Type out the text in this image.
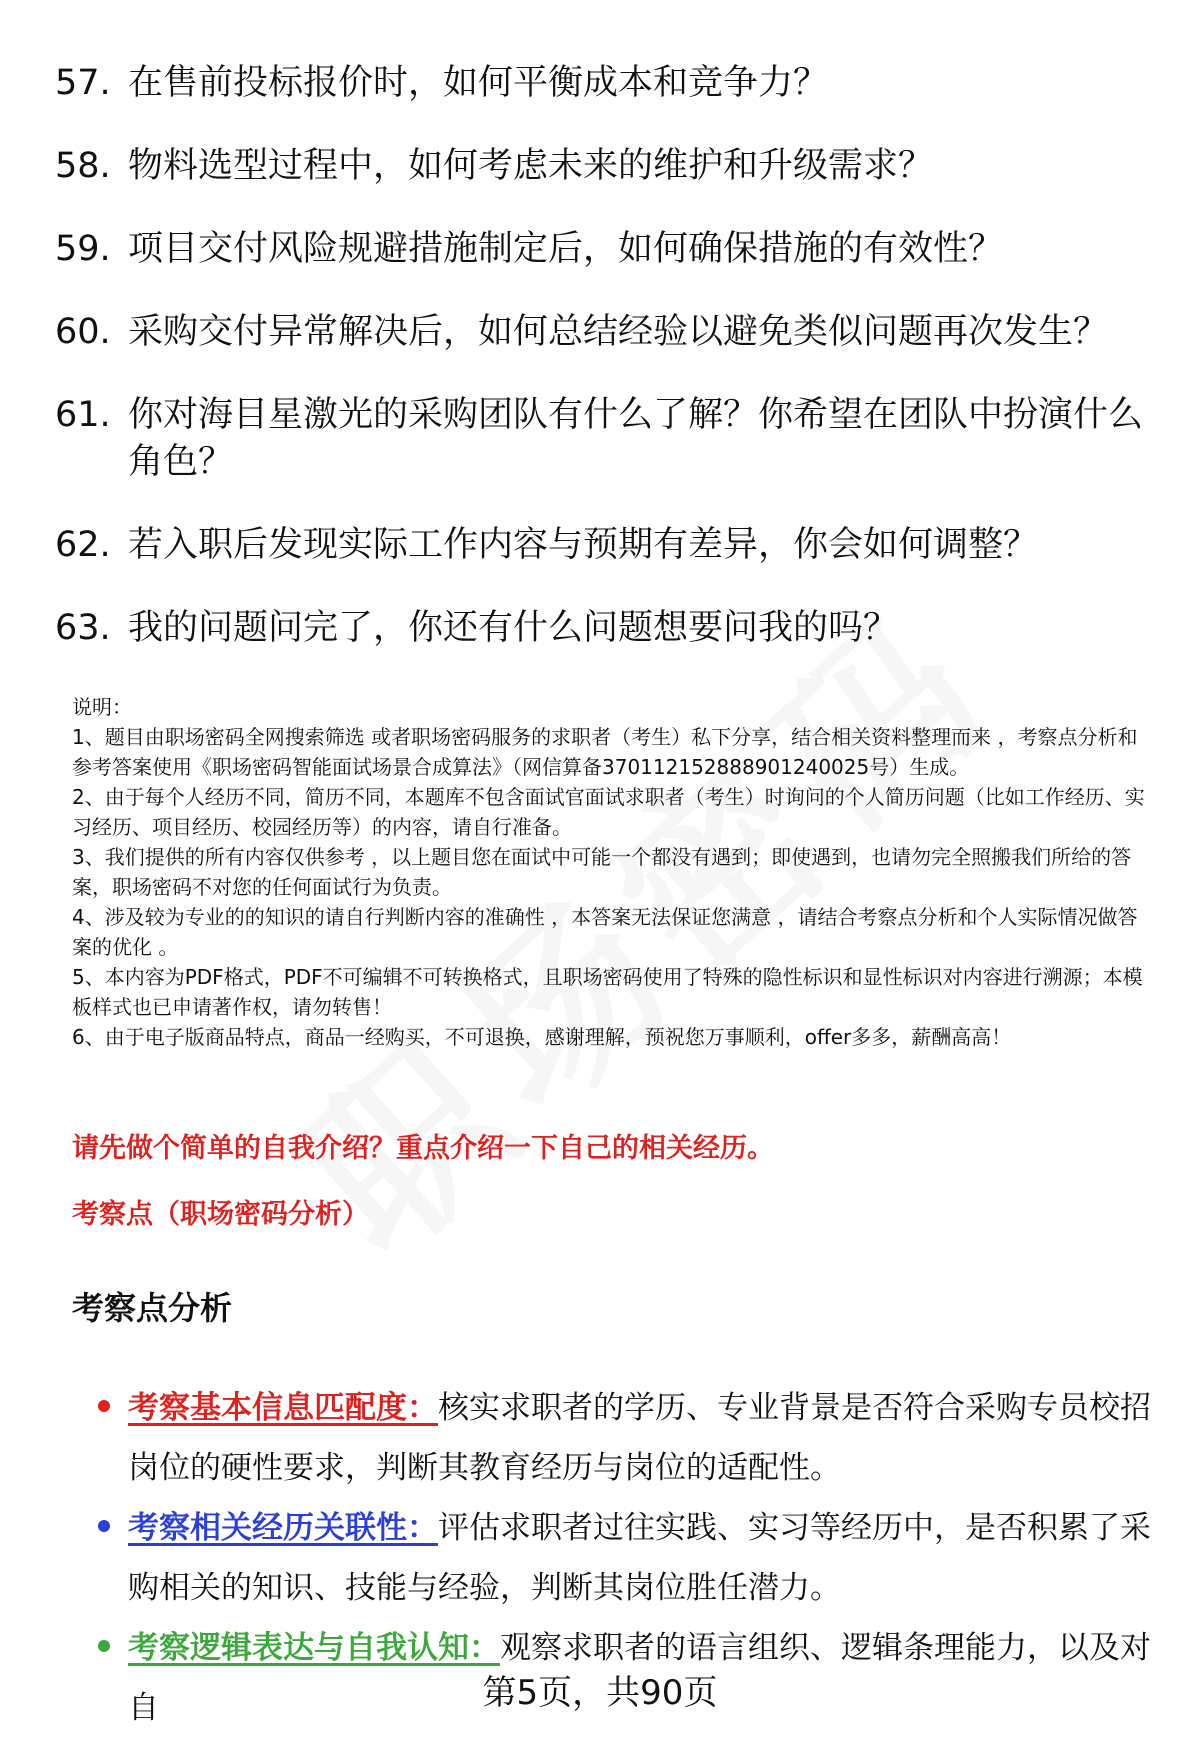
57. 在售前投标报价时，如何平衡成本和竞争力？
58. 物料选型过程中，如何考虑未来的维护和升级需求？
59. 项目交付风险规避措施制定后，如何确保措施的有效性？
60. 采购交付异常解决后，如何总结经验以避免类似问题再次发生？
61. 你对海目星激光的采购团队有什么了解？你希望在团队中扮演什么角色？
62. 若入职后发现实际工作内容与预期有差异，你会如何调整？
63. 我的问题问完了，你还有什么问题想要问我的吗？

说明：

1、题目由职场密码全网搜索筛选 或者职场密码服务的求职者（考生）私下分享，结合相关资料整理而来 ，考察点分析和参考答案使用《职场密码智能面试场景合成算法》（网信算备3701121528889012400​25号）生成。

2、由于每个人经历不同，简历不同，本题库不包含面试官面试求职者（考生）时询问的个人简历问题（比如工作经历、实习经历、项目经历、校园经历等）的内容，请自行准备。

3、我们提供的所有内容仅供参考 ，以上题目您在面试中可能一个都没有遇到；即使遇到，也请勿完全照搬我们所给的答案，职场密码不对您的任何面试行为负责。

4、涉及较为专业的的知识的请自行判断内容的准确性 ，本答案无法保证您满意 ，请结合考察点分析和个人实际情况做答案的优化 。

5、本内容为PDF格式，PDF不可编辑不可转换格式，且职场密码使用了特殊的隐性标识和显性标识对内容进行溯源；本模板样式也已申请著作权，请勿转售！

6、由于电子版商品特点，商品一经购买，不可退换，感谢理解，预祝您万事顺利，offer多多，薪酬高高！

请先做个简单的自我介绍？重点介绍一下自己的相关经历。
考察点（职场密码分析）
考察点分析
考察基本信息匹配度：核实求职者的学历、专业背景是否符合采购专员校招岗位的硬性要求，判断其教育经历与岗位的适配性。
考察相关经历关联性：评估求职者过往实践、实习等经历中，是否积累了采购相关的知识、技能与经验，判断其岗位胜任潜力。
考察逻辑表达与自我认知：观察求职者的语言组织、逻辑条理能力，以及对自	第5页，共90页
